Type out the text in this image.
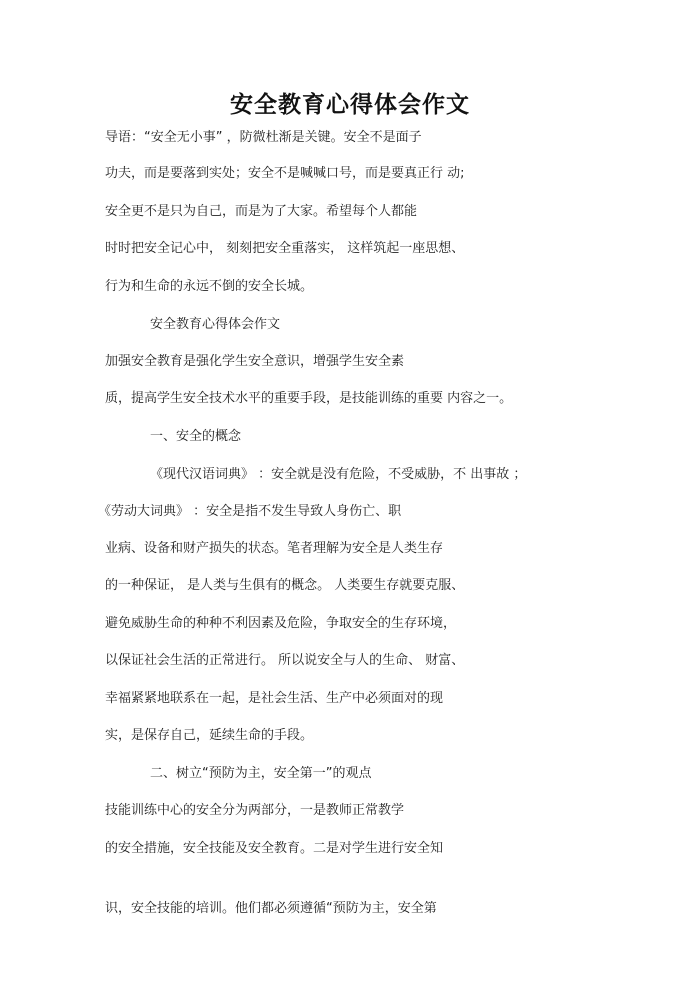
安全教育心得体会作文
导语：“安全无小事” ，防微杜渐是关键。安全不是面子
功夫，而是要落到实处；安全不是喊喊口号，而是要真正行 动;
安全更不是只为自己，而是为了大家。希望每个人都能
时时把安全记心中， 刻刻把安全重落实， 这样筑起一座思想、
行为和生命的永远不倒的安全长城。
安全教育心得体会作文
加强安全教育是强化学生安全意识，增强学生安全素
质，提高学生安全技术水平的重要手段，是技能训练的重要 内容之一。
一、安全的概念
《现代汉语词典》 ：安全就是没有危险，不受威胁，不 出事故 ；
《劳动大词典》 ：安全是指不发生导致人身伤亡、职
业病、设备和财产损失的状态。笔者理解为安全是人类生存
的一种保证， 是人类与生俱有的概念。 人类要生存就要克服、
避免威胁生命的种种不利因素及危险，争取安全的生存环境，
以保证社会生活的正常进行。 所以说安全与人的生命、 财富、
幸福紧紧地联系在一起，是社会生活、生产中必须面对的现
实，是保存自己，延续生命的手段。
二、树立“预防为主，安全第一”的观点
技能训练中心的安全分为两部分，一是教师正常教学
的安全措施，安全技能及安全教育。二是对学生进行安全知
识，安全技能的培训。他们都必须遵循“预防为主，安全第
